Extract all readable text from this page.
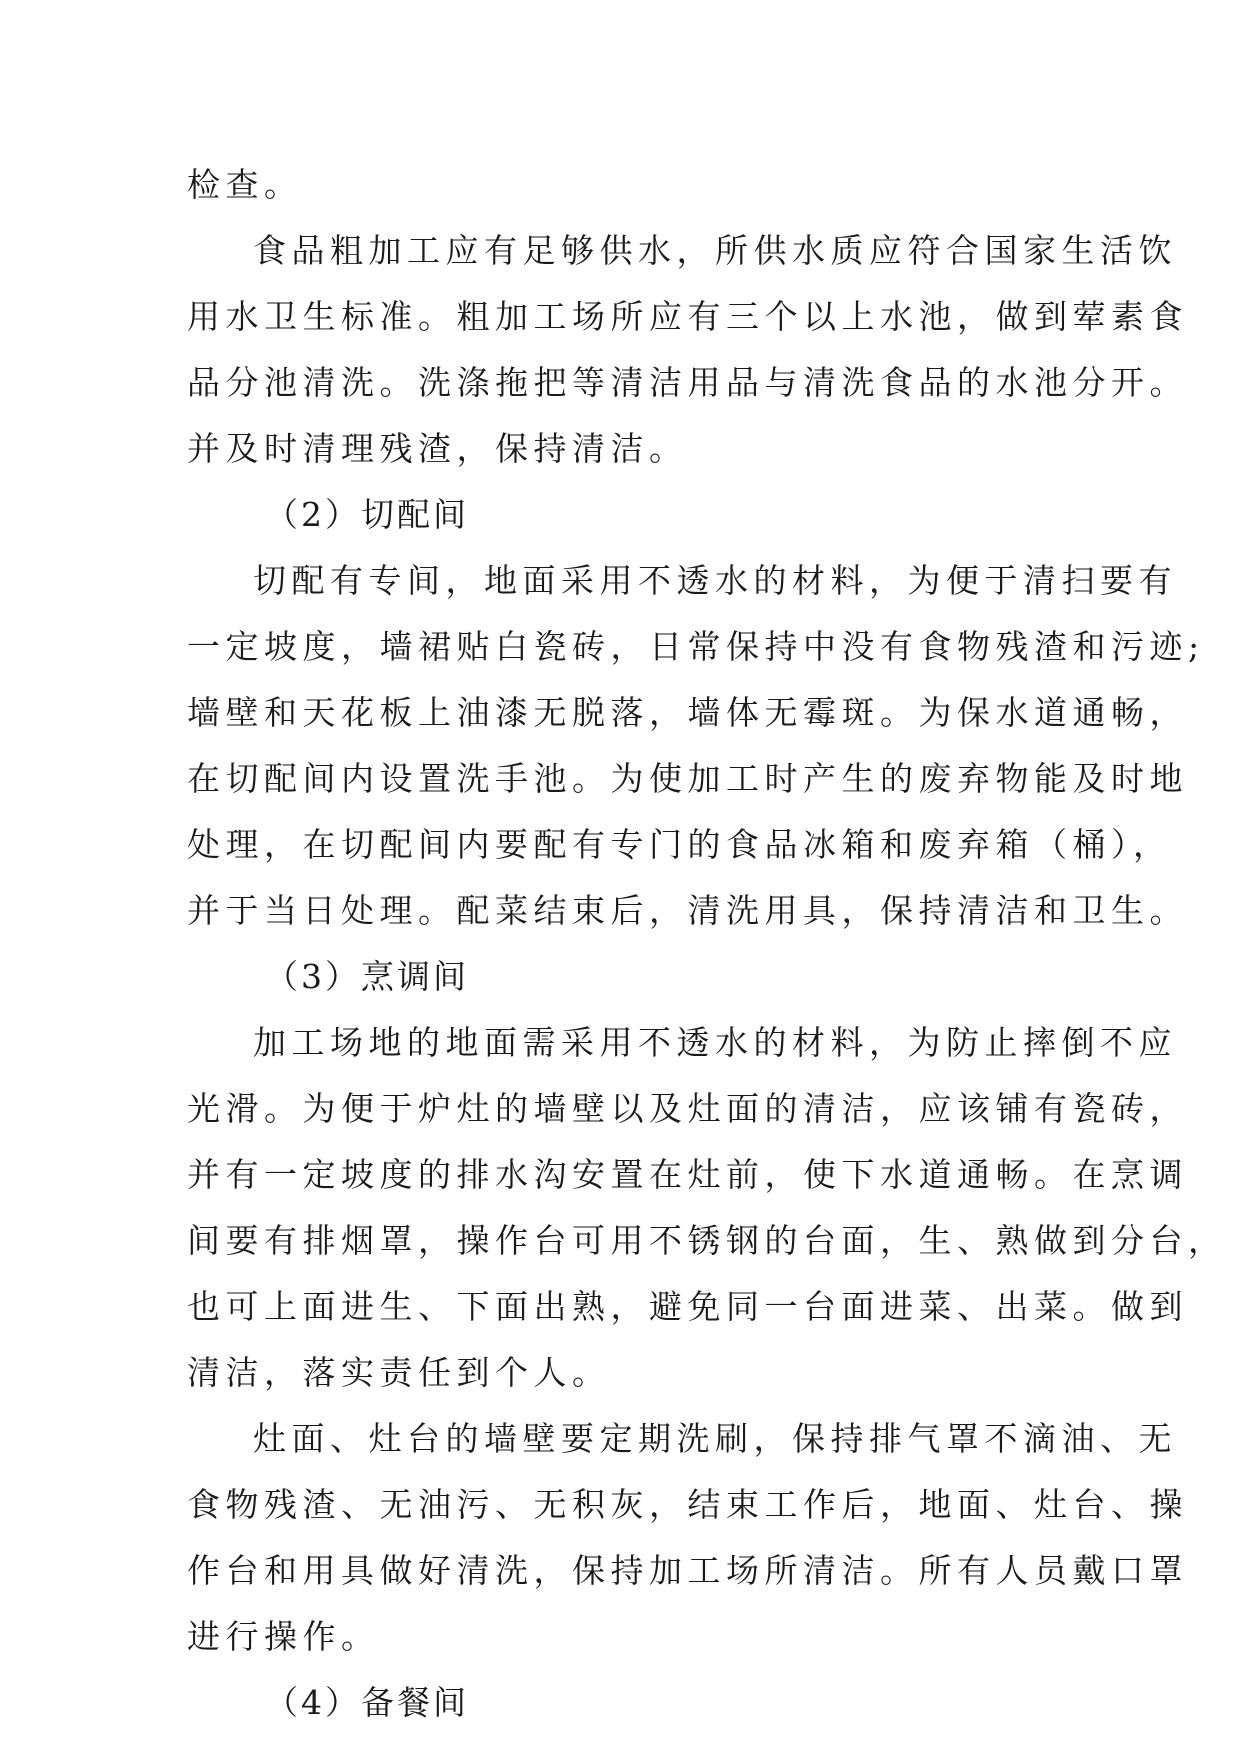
检查。
食品粗加工应有足够供水，所供水质应符合国家生活饮
用水卫生标准。粗加工场所应有三个以上水池，做到荤素食
品分池清洗。洗涤拖把等清洁用品与清洗食品的水池分开。
并及时清理残渣，保持清洁。
（2）切配间
切配有专间，地面采用不透水的材料，为便于清扫要有
一定坡度，墙裙贴白瓷砖，日常保持中没有食物残渣和污迹;
墙壁和天花板上油漆无脱落，墙体无霉斑。为保水道通畅，
在切配间内设置洗手池。为使加工时产生的废弃物能及时地
处理，在切配间内要配有专门的食品冰箱和废弃箱（桶），
并于当日处理。配菜结束后，清洗用具，保持清洁和卫生。
（3）烹调间
加工场地的地面需采用不透水的材料，为防止摔倒不应
光滑。为便于炉灶的墙壁以及灶面的清洁，应该铺有瓷砖，
并有一定坡度的排水沟安置在灶前，使下水道通畅。在烹调
间要有排烟罩，操作台可用不锈钢的台面，生、熟做到分台，
也可上面进生、下面出熟，避免同一台面进菜、出菜。做到
清洁，落实责任到个人。
灶面、灶台的墙壁要定期洗刷，保持排气罩不滴油、无
食物残渣、无油污、无积灰，结束工作后，地面、灶台、操
作台和用具做好清洗，保持加工场所清洁。所有人员戴口罩
进行操作。
（4）备餐间
